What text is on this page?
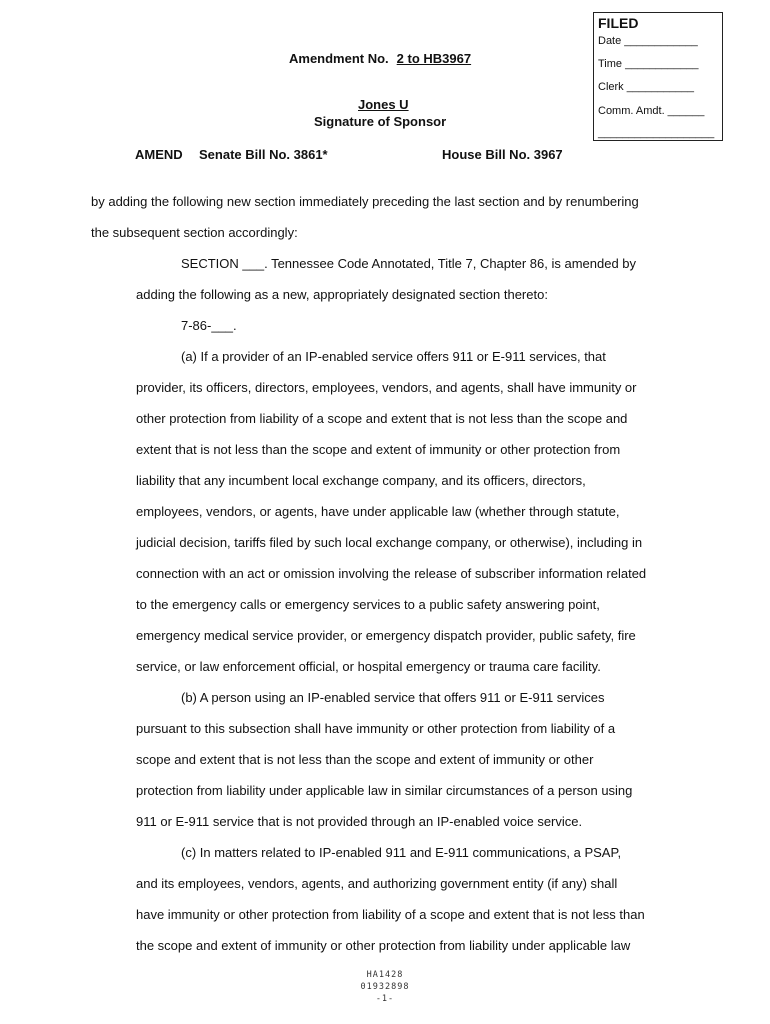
FILED
Date ____________
Time ____________
Clerk ___________
Comm. Amdt. ______
___________________
Amendment No. 2 to HB3967
Jones U
Signature of Sponsor
AMEND Senate Bill No. 3861*	House Bill No. 3967
by adding the following new section immediately preceding the last section and by renumbering
the subsequent section accordingly:
SECTION ___. Tennessee Code Annotated, Title 7, Chapter 86, is amended by
adding the following as a new, appropriately designated section thereto:
7-86-___.
(a) If a provider of an IP-enabled service offers 911 or E-911 services, that
provider, its officers, directors, employees, vendors, and agents, shall have immunity or
other protection from liability of a scope and extent that is not less than the scope and
extent that is not less than the scope and extent of immunity or other protection from
liability that any incumbent local exchange company, and its officers, directors,
employees, vendors, or agents, have under applicable law (whether through statute,
judicial decision, tariffs filed by such local exchange company, or otherwise), including in
connection with an act or omission involving the release of subscriber information related
to the emergency calls or emergency services to a public safety answering point,
emergency medical service provider, or emergency dispatch provider, public safety, fire
service, or law enforcement official, or hospital emergency or trauma care facility.
(b) A person using an IP-enabled service that offers 911 or E-911 services
pursuant to this subsection shall have immunity or other protection from liability of a
scope and extent that is not less than the scope and extent of immunity or other
protection from liability under applicable law in similar circumstances of a person using
911 or E-911 service that is not provided through an IP-enabled voice service.
(c) In matters related to IP-enabled 911 and E-911 communications, a PSAP,
and its employees, vendors, agents, and authorizing government entity (if any) shall
have immunity or other protection from liability of a scope and extent that is not less than
the scope and extent of immunity or other protection from liability under applicable law
HA1428
01932898
-1-
